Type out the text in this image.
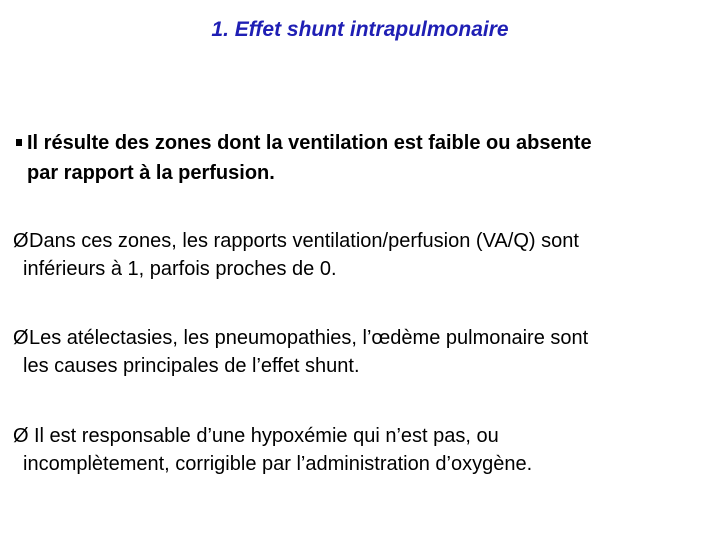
1. Effet shunt intrapulmonaire
Il résulte des zones dont la ventilation est faible ou absente
par rapport à la perfusion.
Ø Dans ces zones, les rapports ventilation/perfusion (VA/Q) sont
inférieurs à 1, parfois proches de 0.
Ø Les atélectasies, les pneumopathies, l’œdème pulmonaire sont
les causes principales de l’effet shunt.
Ø Il est responsable d’une hypoxémie qui n’est pas, ou
incomplètement, corrigible par l’administration d’oxygène.
